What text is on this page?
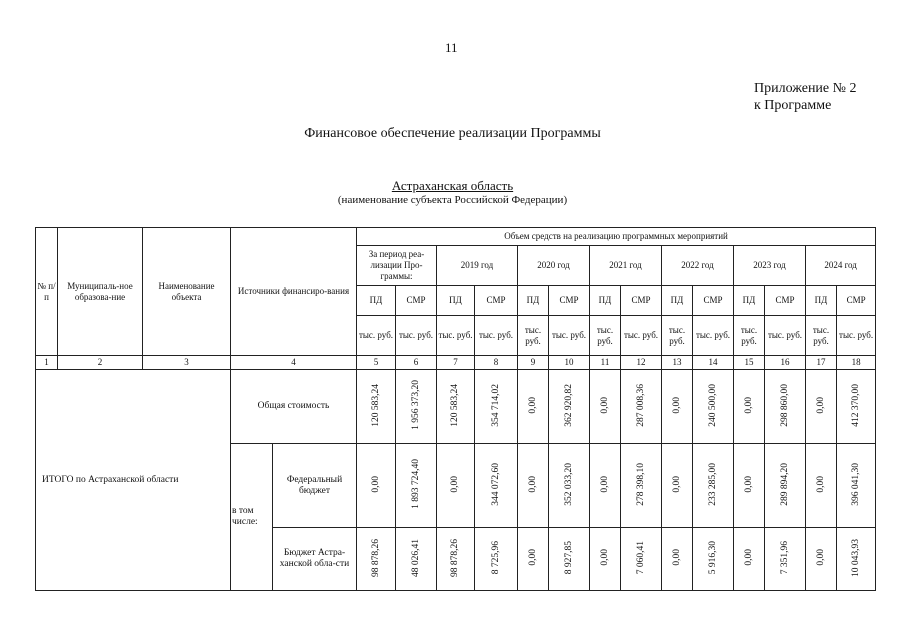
11
Приложение № 2
к Программе
Финансовое обеспечение реализации Программы
Астраханская область
(наименование субъекта Российской Федерации)
№ п/п	Муниципаль-ное образова-ние	Наименование объекта	Источники финансиро-вания		Объем средств на реализацию программных мероприятий													
					За период реа-лизации Про-граммы:		2019 год		2020 год		2021 год		2022 год		2023 год		2024 год	
					ПД	СМР	ПД	СМР	ПД	СМР	ПД	СМР	ПД	СМР	ПД	СМР	ПД	СМР
					тыс. руб.	тыс. руб.	тыс. руб.	тыс. руб.	тыс. руб.	тыс. руб.	тыс. руб.	тыс. руб.	тыс. руб.	тыс. руб.	тыс. руб.	тыс. руб.	тыс. руб.	тыс. руб.
1	2	3	4		5	6	7	8	9	10	11	12	13	14	15	16	17	18
ИТОГО по Астраханской области			Общая стоимость		120 583,24	1 956 373,20	120 583,24	354 714,02	0,00	362 920,82	0,00	287 008,36	0,00	240 500,00	0,00	298 860,00	0,00	412 370,00
			в том числе:	Федеральный бюджет	0,00	1 893 724,40	0,00	344 072,60	0,00	352 033,20	0,00	278 398,10	0,00	233 285,00	0,00	289 894,20	0,00	396 041,30
				Бюджет Астра-ханской обла-сти	98 878,26	48 026,41	98 878,26	8 725,96	0,00	8 927,85	0,00	7 060,41	0,00	5 916,30	0,00	7 351,96	0,00	10 043,93
